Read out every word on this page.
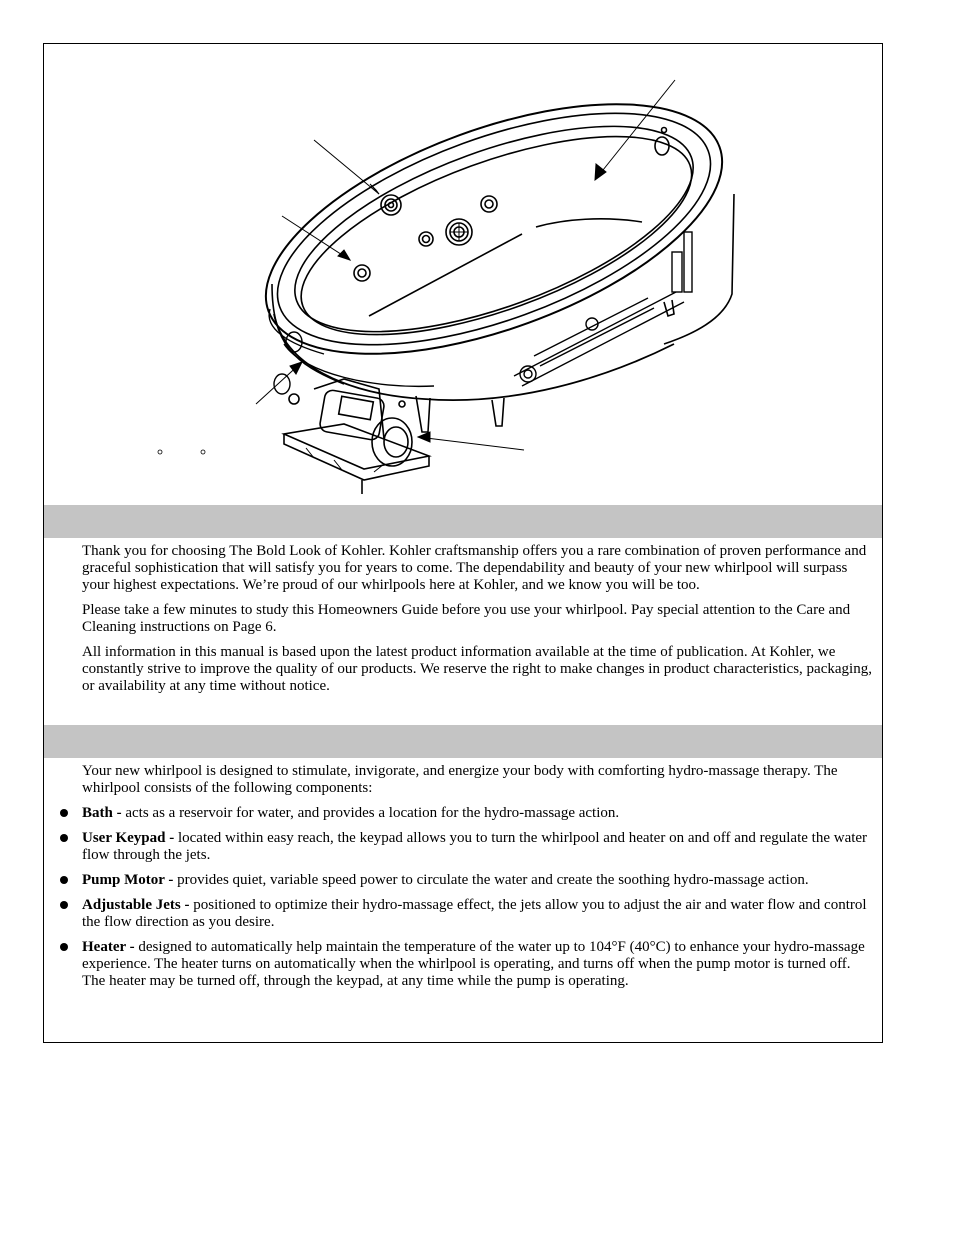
Thank you for choosing The Bold Look of Kohler. Kohler craftsmanship offers you a rare combination of proven performance and graceful sophistication that will satisfy you for years to come. The dependability and beauty of your new whirlpool will surpass your highest expectations. We’re proud of our whirlpools here at Kohler, and we know you will be too.

Please take a few minutes to study this Homeowners Guide before you use your whirlpool. Pay special attention to the Care and Cleaning instructions on Page 6.

All information in this manual is based upon the latest product information available at the time of publication. At Kohler, we constantly strive to improve the quality of our products. We reserve the right to make changes in product characteristics, packaging, or availability at any time without notice.

Your new whirlpool is designed to stimulate, invigorate, and energize your body with comforting hydro-massage therapy. The whirlpool consists of the following components:

Bath - acts as a reservoir for water, and provides a location for the hydro-massage action.
User Keypad - located within easy reach, the keypad allows you to turn the whirlpool and heater on and off and regulate the water flow through the jets.
Pump Motor - provides quiet, variable speed power to circulate the water and create the soothing hydro-massage action.
Adjustable Jets - positioned to optimize their hydro-massage effect, the jets allow you to adjust the air and water flow and control the flow direction as you desire.
Heater - designed to automatically help maintain the temperature of the water up to 104°F (40°C) to enhance your hydro-massage experience. The heater turns on automatically when the whirlpool is operating, and turns off when the pump motor is turned off. The heater may be turned off, through the keypad, at any time while the pump is operating.
